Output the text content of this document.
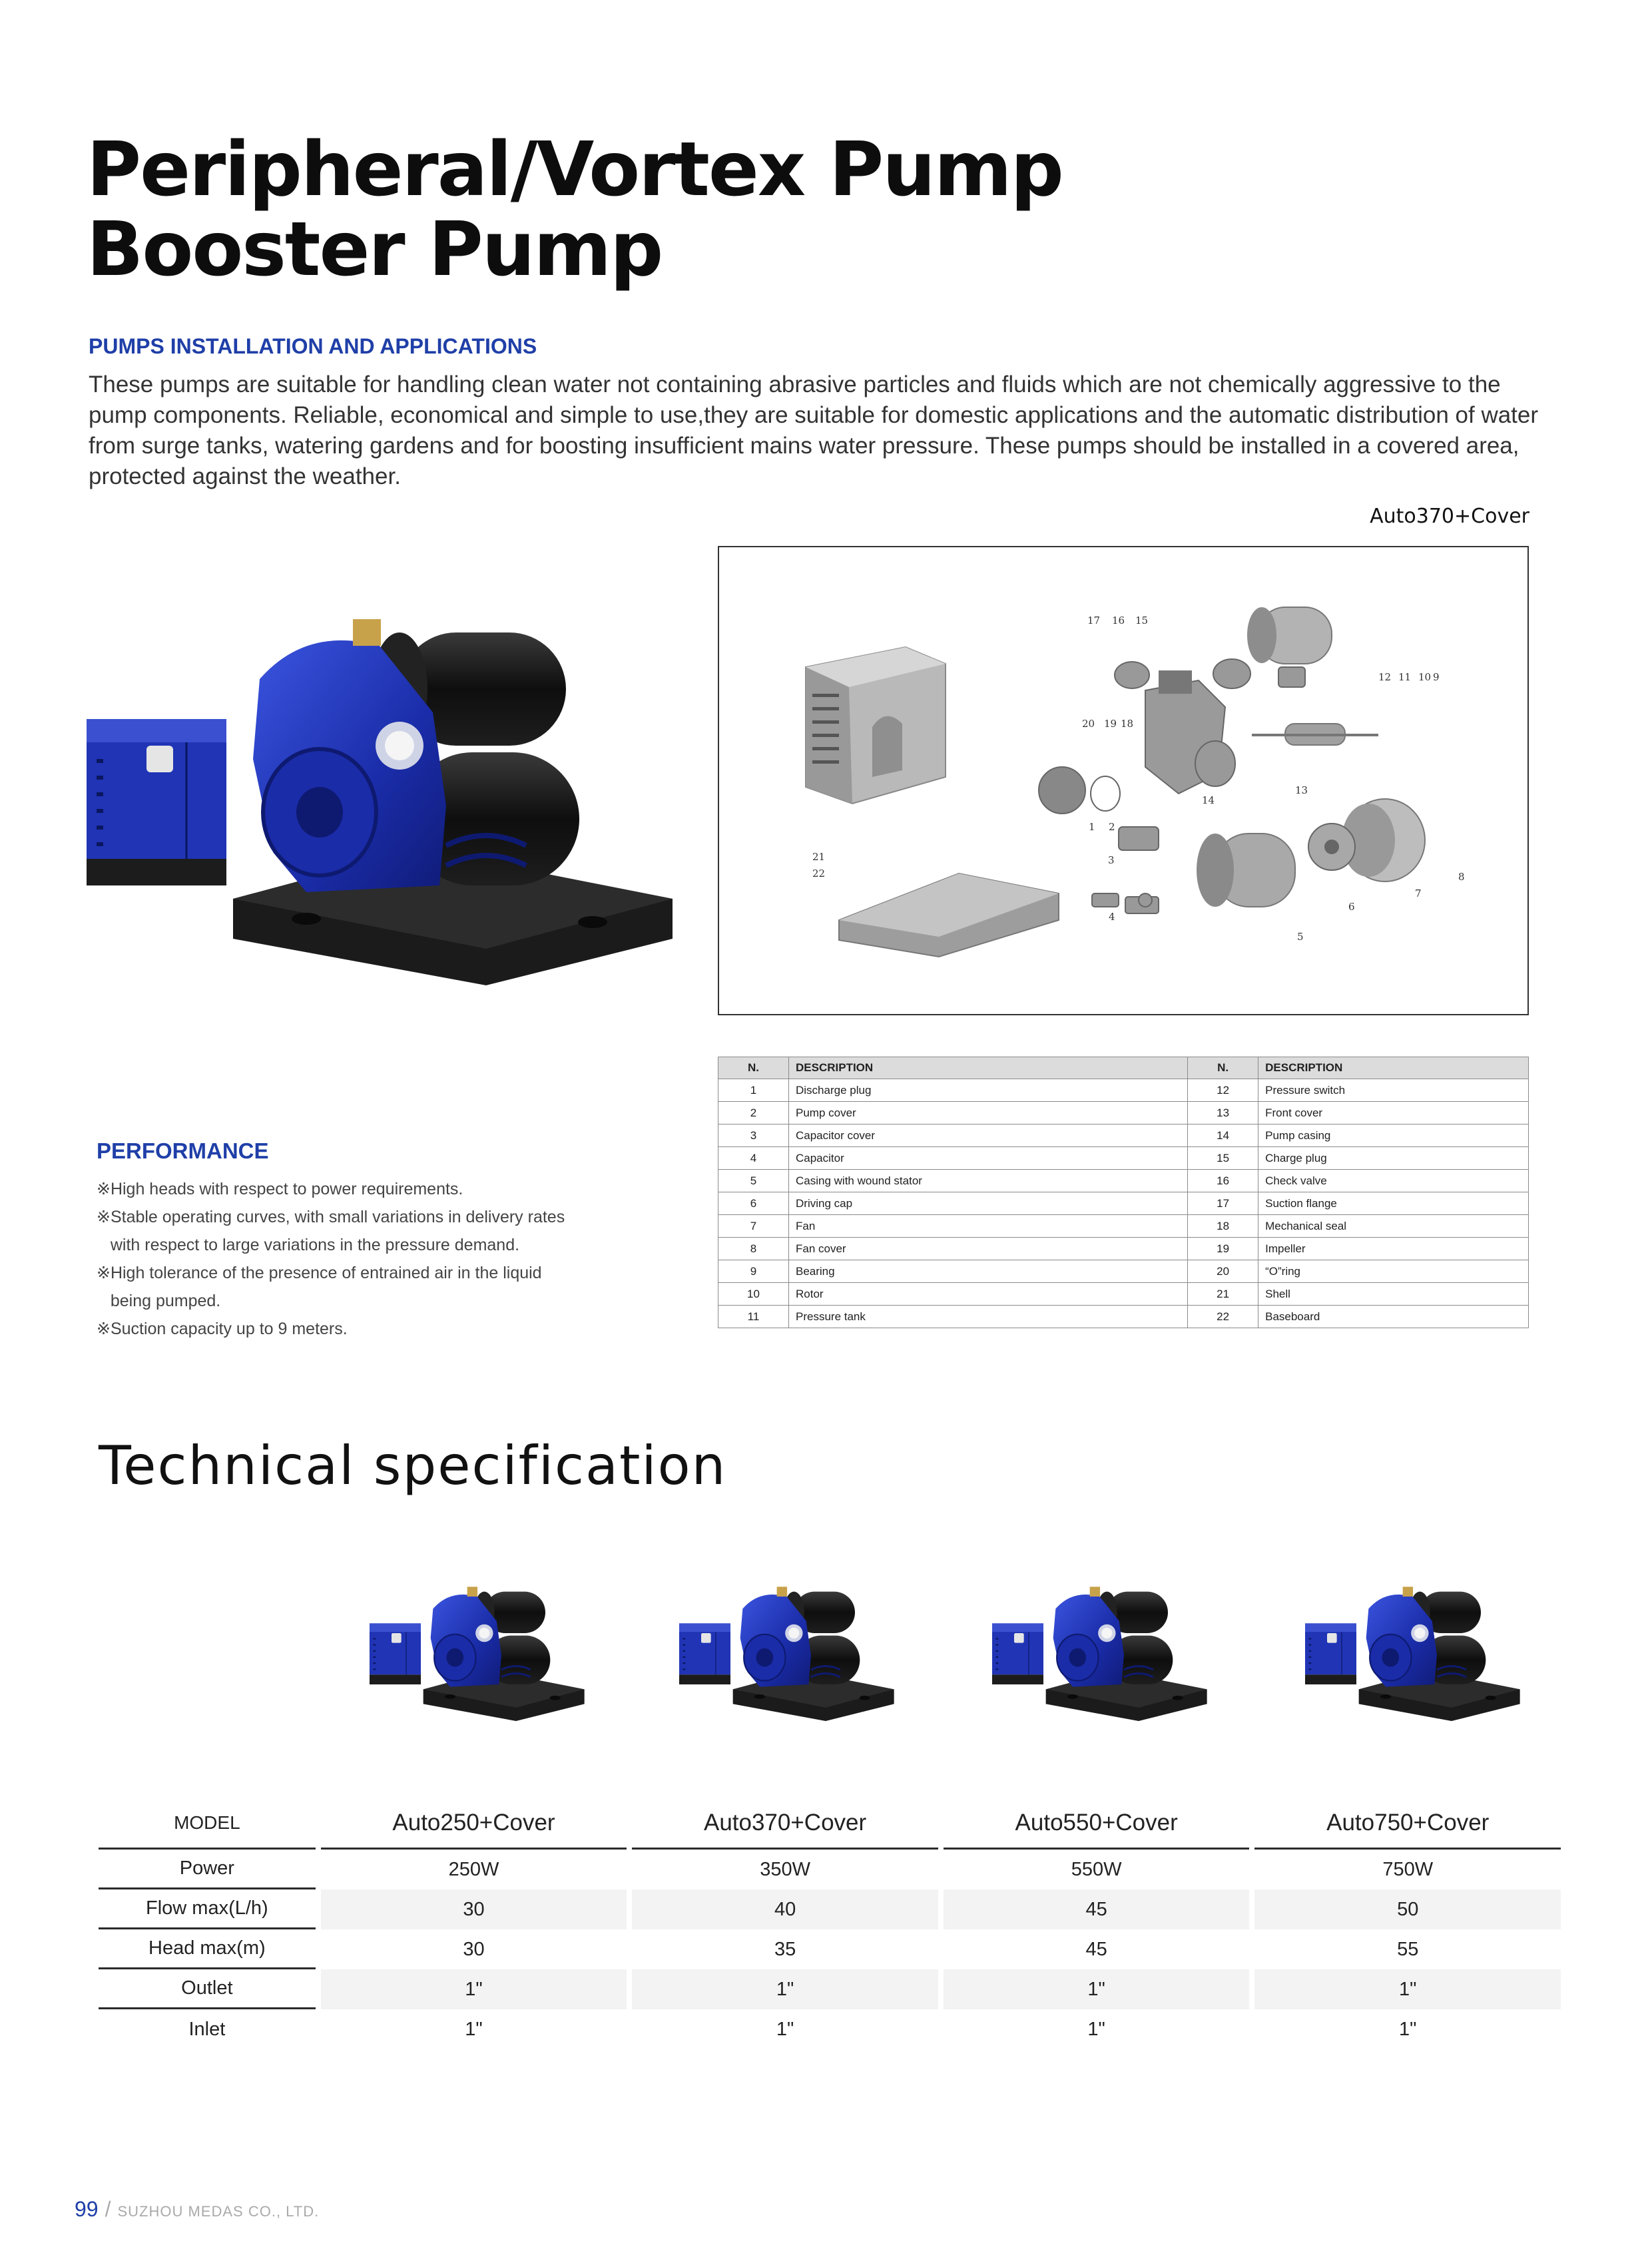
Peripheral/Vortex Pump
Booster Pump
PUMPS INSTALLATION AND APPLICATIONS
These pumps are suitable for handling clean water not containing abrasive particles and fluids which are not chemically aggressive to the pump components. Reliable, economical and simple to use,they are suitable for domestic applications and the automatic distribution of water from surge tanks, watering gardens and for boosting insufficient mains water pressure. These pumps should be installed in a covered area, protected against the weather.
Auto370+Cover
1 2
3
4
5
6
7
8
9
10
11
12
13
14
15
16
17
18
19
20
21
22
N.	DESCRIPTION	N.	DESCRIPTION
1	Discharge plug	12	Pressure switch
2	Pump cover	13	Front cover
3	Capacitor cover	14	Pump casing
4	Capacitor	15	Charge plug
5	Casing with wound stator	16	Check valve
6	Driving cap	17	Suction flange
7	Fan	18	Mechanical seal
8	Fan cover	19	Impeller
9	Bearing	20	“O”ring
10	Rotor	21	Shell
11	Pressure tank	22	Baseboard
PERFORMANCE
※High heads with respect to power requirements.
※Stable operating curves, with small variations in delivery rates
with respect to large variations in the pressure demand.
※High tolerance of the presence of entrained air in the liquid
being pumped.
※Suction capacity up to 9 meters.
Technical specification
MODEL	Auto250+Cover	Auto370+Cover	Auto550+Cover	Auto750+Cover
Power	250W	350W	550W	750W
Flow max(L/h)	30	40	45	50
Head max(m)	30	35	45	55
Outlet	1"	1"	1"	1"
Inlet	1"	1"	1"	1"
99 / SUZHOU MEDAS CO., LTD.
